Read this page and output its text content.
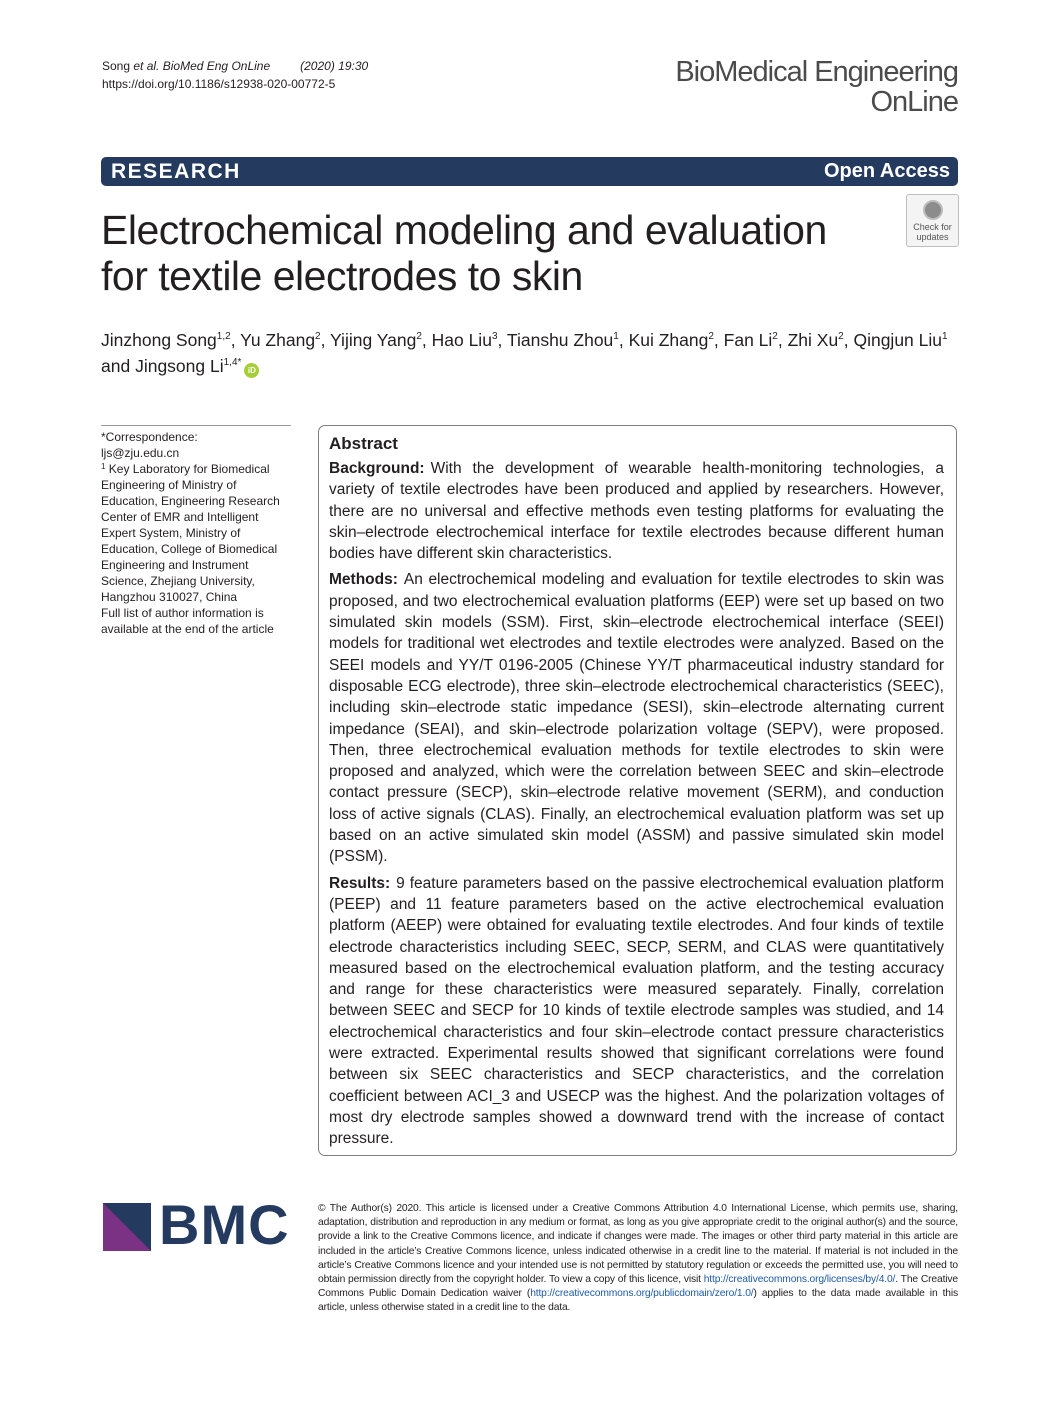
Song et al. BioMed Eng OnLine	(2020) 19:30
https://doi.org/10.1186/s12938-020-00772-5	BioMedical Engineering
OnLine
RESEARCH	Open Access
Electrochemical modeling and evaluation for textile electrodes to skin
Check for
updates
Jinzhong Song$^{1,2}$, Yu Zhang$^2$, Yijing Yang$^2$, Hao Liu$^3$, Tianshu Zhou$^1$, Kui Zhang$^2$, Fan Li$^2$, Zhi Xu$^2$, Qingjun Liu$^1$ and Jingsong $Li^{1,4*}iD$

*Correspondence:

ljs@zju.edu.cn

$^1$ Key Laboratory for Biomedical Engineering of Ministry of Education, Engineering Research Center of EMR and Intelligent Expert System, Ministry of Education, College of Biomedical Engineering and Instrument Science, Zhejiang University, Hangzhou 310027, China

Full list of author information is available at the end of the article

Abstract

Background: With the development of wearable health-monitoring technologies, a variety of textile electrodes have been produced and applied by researchers. However, there are no universal and effective methods even testing platforms for evaluating the skin–electrode electrochemical interface for textile electrodes because different human bodies have different skin characteristics.

Methods: An electrochemical modeling and evaluation for textile electrodes to skin was proposed, and two electrochemical evaluation platforms (EEP) were set up based on two simulated skin models (SSM). First, skin–electrode electrochemical interface (SEEI) models for traditional wet electrodes and textile electrodes were analyzed. Based on the SEEI models and YY/T 0196-2005 (Chinese YY/T pharmaceutical industry standard for disposable ECG electrode), three skin–electrode electrochemical characteristics (SEEC), including skin–electrode static impedance (SESI), skin–electrode alternating current impedance (SEAI), and skin–electrode polarization voltage (SEPV), were proposed. Then, three electrochemical evaluation methods for textile electrodes to skin were proposed and analyzed, which were the correlation between SEEC and skin–electrode contact pressure (SECP), skin–electrode relative movement (SERM), and conduction loss of active signals (CLAS). Finally, an electrochemical evaluation platform was set up based on an active simulated skin model (ASSM) and passive simulated skin model (PSSM).

Results: 9 feature parameters based on the passive electrochemical evaluation platform (PEEP) and 11 feature parameters based on the active electrochemical evaluation platform (AEEP) were obtained for evaluating textile electrodes. And four kinds of textile electrode characteristics including SEEC, SECP, SERM, and CLAS were quantitatively measured based on the electrochemical evaluation platform, and the testing accuracy and range for these characteristics were measured separately. Finally, correlation between SEEC and SECP for 10 kinds of textile electrode samples was studied, and 14 electrochemical characteristics and four skin–electrode contact pressure characteristics were extracted. Experimental results showed that significant correlations were found between six SEEC characteristics and SECP characteristics, and the correlation coefficient between ACI_3 and USECP was the highest. And the polarization voltages of most dry electrode samples showed a downward trend with the increase of contact pressure.

BMC	© The Author(s) 2020. This article is licensed under a Creative Commons Attribution 4.0 International License, which permits use, sharing, adaptation, distribution and reproduction in any medium or format, as long as you give appropriate credit to the original author(s) and the source, provide a link to the Creative Commons licence, and indicate if changes were made. The images or other third party material in this article are included in the article’s Creative Commons licence, unless indicated otherwise in a credit line to the material. If material is not included in the article’s Creative Commons licence and your intended use is not permitted by statutory regulation or exceeds the permitted use, you will need to obtain permission directly from the copyright holder. To view a copy of this licence, visit http://creativecommons.org/licenses/by/4.0/. The Creative Commons Public Domain Dedication waiver (http://creativecommons.org/publicdomain/zero/1.0/) applies to the data made available in this article, unless otherwise stated in a credit line to the data.
